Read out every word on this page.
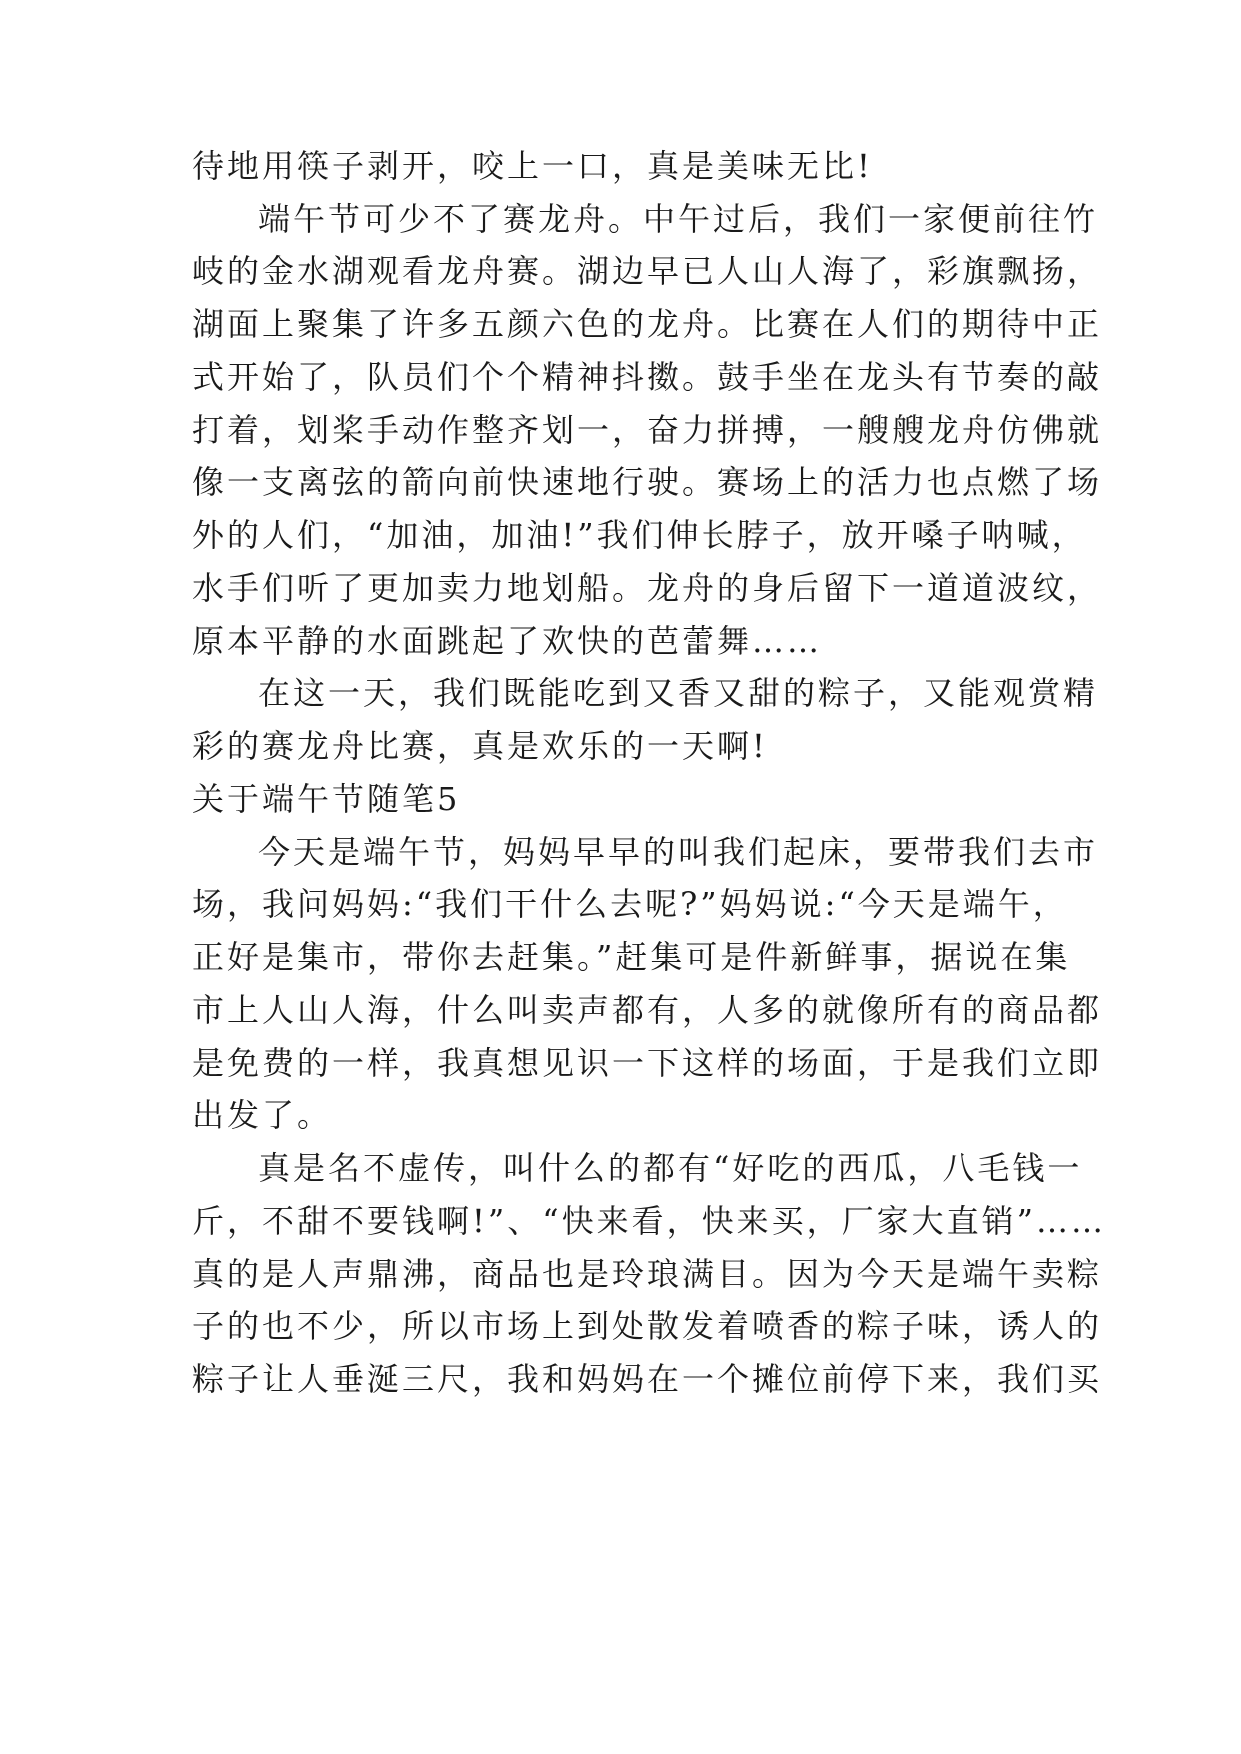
待地用筷子剥开，咬上一口，真是美味无比!
端午节可少不了赛龙舟。中午过后，我们一家便前往竹
岐的金水湖观看龙舟赛。湖边早已人山人海了，彩旗飘扬，
湖面上聚集了许多五颜六色的龙舟。比赛在人们的期待中正
式开始了，队员们个个精神抖擞。鼓手坐在龙头有节奏的敲
打着，划桨手动作整齐划一，奋力拼搏，一艘艘龙舟仿佛就
像一支离弦的箭向前快速地行驶。赛场上的活力也点燃了场
外的人们，“加油，加油!”我们伸长脖子，放开嗓子呐喊，
水手们听了更加卖力地划船。龙舟的身后留下一道道波纹，
原本平静的水面跳起了欢快的芭蕾舞……
在这一天，我们既能吃到又香又甜的粽子，又能观赏精
彩的赛龙舟比赛，真是欢乐的一天啊!
关于端午节随笔5
今天是端午节，妈妈早早的叫我们起床，要带我们去市
场，我问妈妈:“我们干什么去呢?”妈妈说:“今天是端午，
正好是集市，带你去赶集。”赶集可是件新鲜事，据说在集
市上人山人海，什么叫卖声都有，人多的就像所有的商品都
是免费的一样，我真想见识一下这样的场面，于是我们立即
出发了。
真是名不虚传，叫什么的都有“好吃的西瓜，八毛钱一
斤，不甜不要钱啊!”、“快来看，快来买，厂家大直销”……
真的是人声鼎沸，商品也是玲琅满目。因为今天是端午卖粽
子的也不少，所以市场上到处散发着喷香的粽子味，诱人的
粽子让人垂涎三尺，我和妈妈在一个摊位前停下来，我们买
